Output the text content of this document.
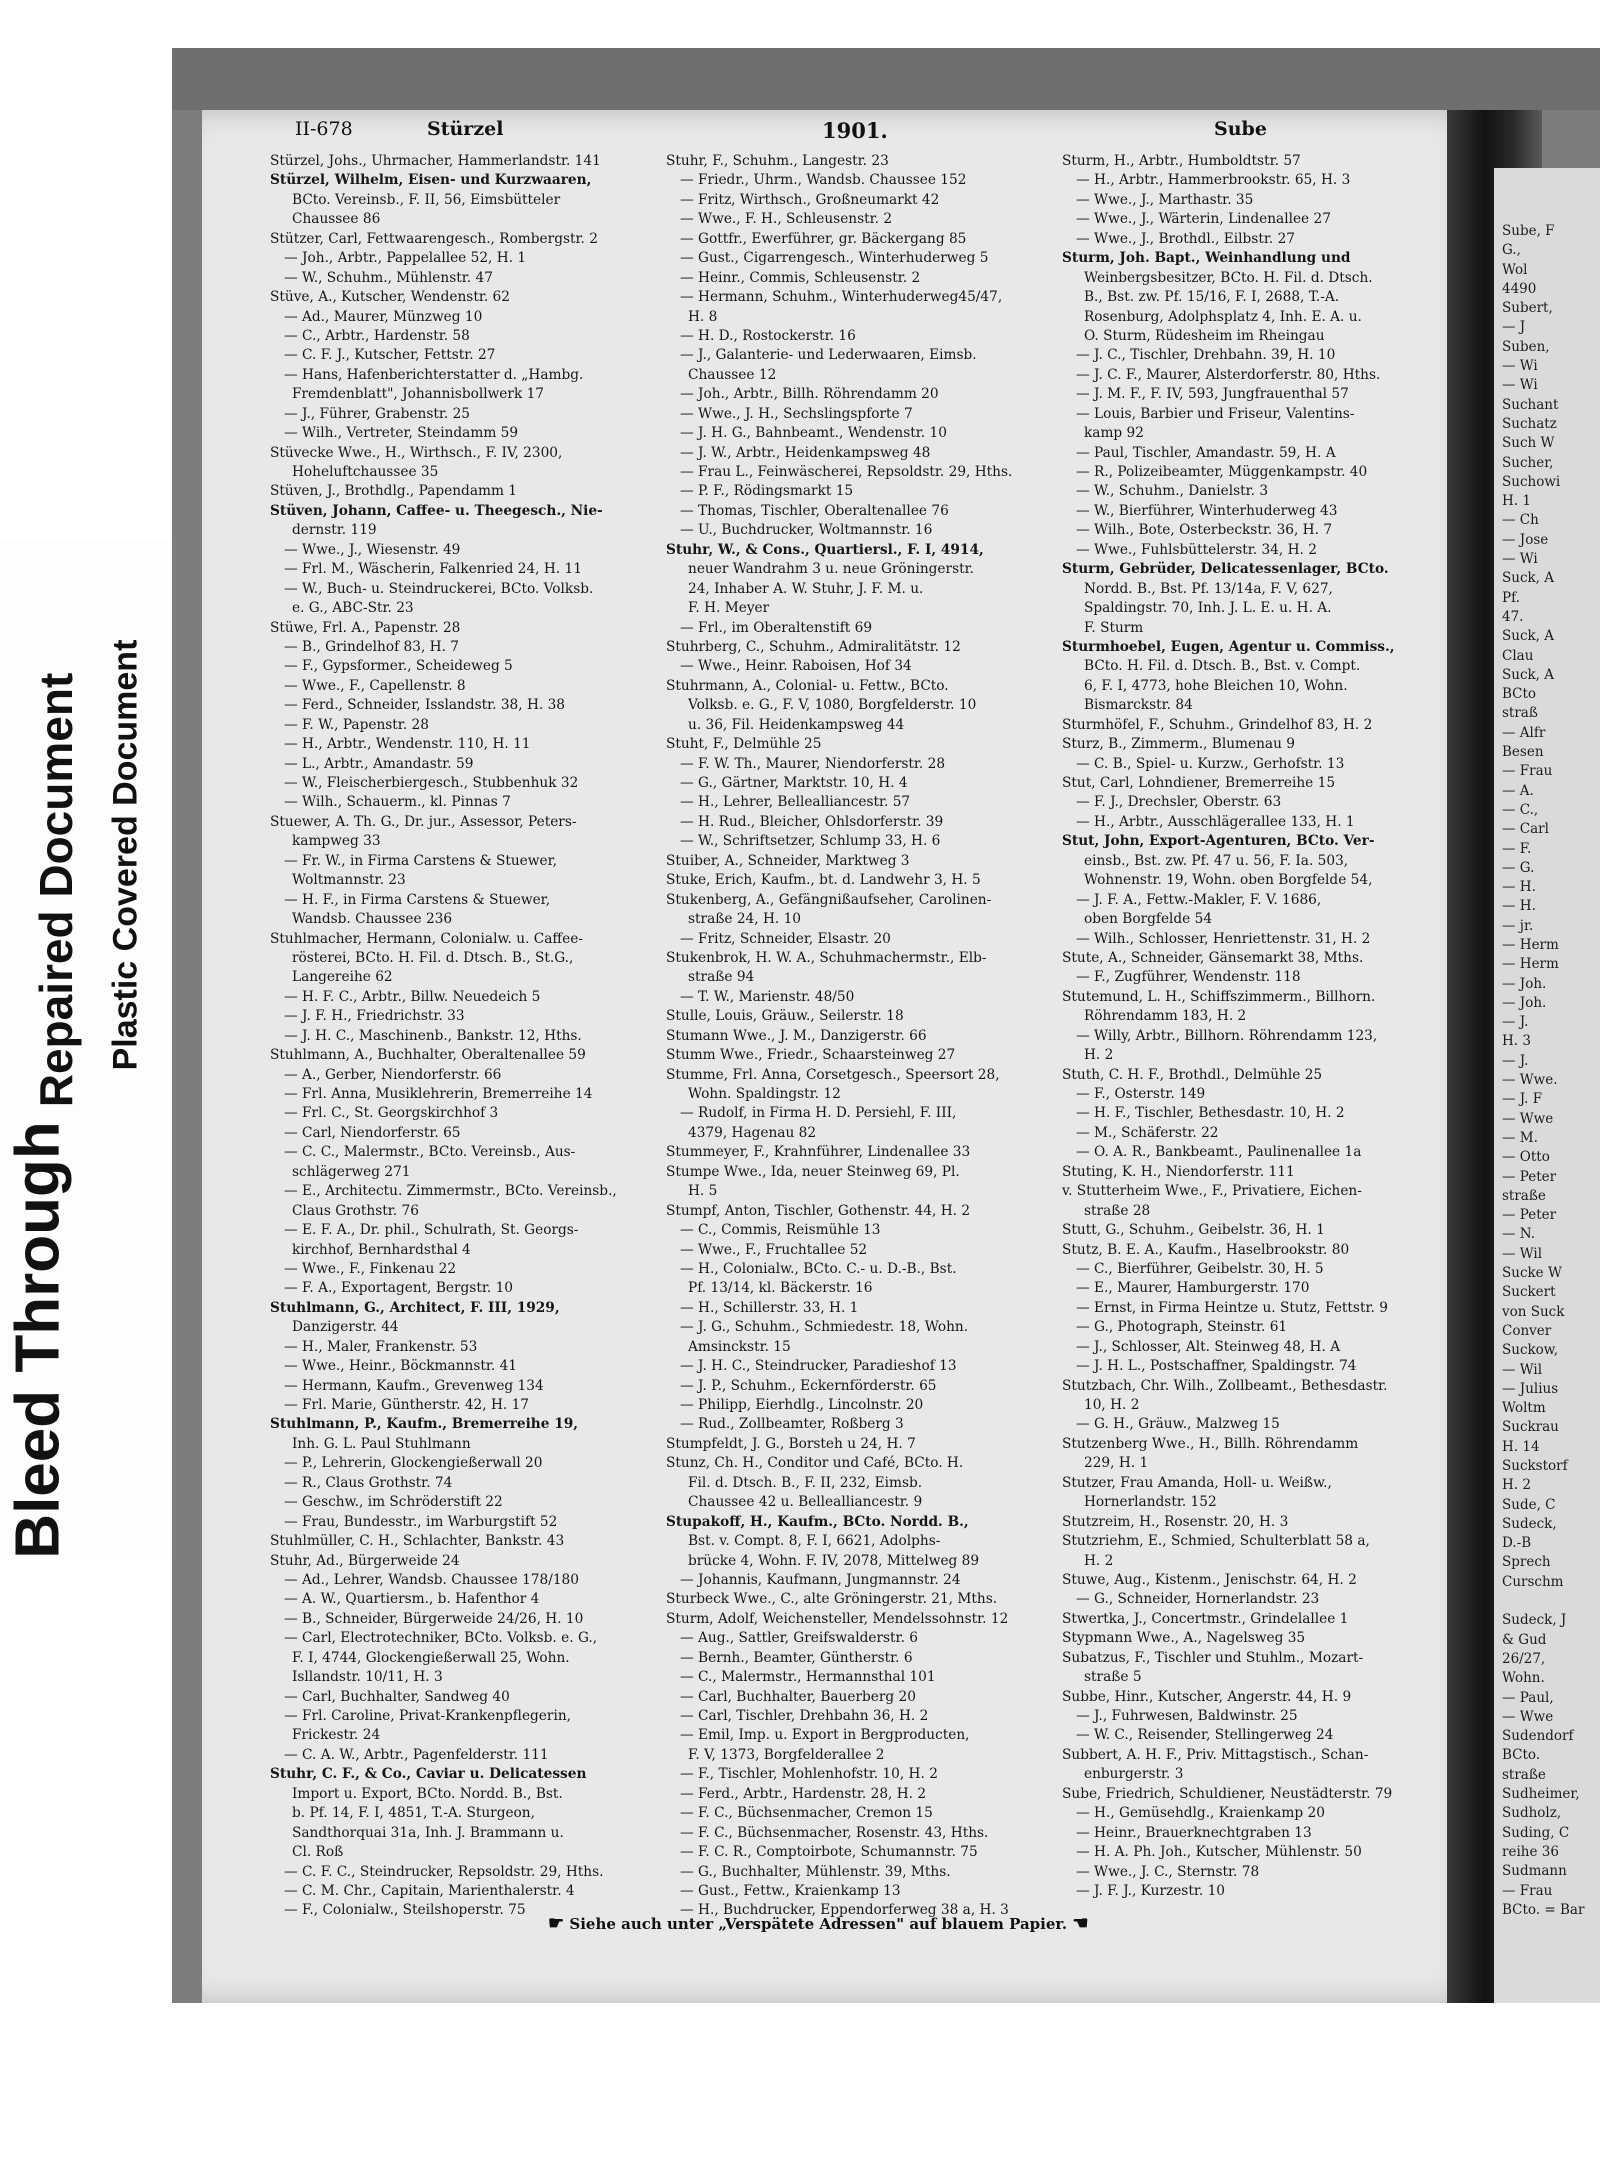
Bleed Through
Repaired Document Plastic Covered Document
Sube, F
G.,
Wol
4490
Subert,
— J
Suben,
— Wi
— Wi
Suchant
Suchatz
Such W
Sucher,
Suchowi
H. 1
— Ch
— Jose
— Wi
Suck, A
Pf.
47.
Suck, A
Clau
Suck, A
BCto
straß
— Alfr
Besen
— Frau
— A.
— C.,
— Carl
— F.
— G.
— H.
— H.
— jr.
— Herm
— Herm
— Joh.
— Joh.
— J.
H. 3
— J.
— Wwe.
— J. F
— Wwe
— M.
— Otto
— Peter
straße
— Peter
— N.
— Wil
Sucke W
Suckert
von Suck
Conver
Suckow,
— Wil
— Julius
Woltm
Suckrau
H. 14
Suckstorf
H. 2
Sude, C
Sudeck,
D.-B
Sprech
Curschm
Sudeck, J
& Gud
26/27,
Wohn.
— Paul,
— Wwe
Sudendorf
BCto.
straße
Sudheimer,
Sudholz,
Suding, C
reihe 36
Sudmann
— Frau
BCto. = Bar
II-678	Stürzel	1901.	Sube
Stürzel, Johs., Uhrmacher, Hammerlandstr. 141
Stürzel, Wilhelm, Eisen- und Kurzwaaren,
BCto. Vereinsb., F. II, 56, Eimsbütteler
Chaussee 86
Stützer, Carl, Fettwaarengesch., Rombergstr. 2
— Joh., Arbtr., Pappelallee 52, H. 1
— W., Schuhm., Mühlenstr. 47
Stüve, A., Kutscher, Wendenstr. 62
— Ad., Maurer, Münzweg 10
— C., Arbtr., Hardenstr. 58
— C. F. J., Kutscher, Fettstr. 27
— Hans, Hafenberichterstatter d. „Hambg.
Fremdenblatt", Johannisbollwerk 17
— J., Führer, Grabenstr. 25
— Wilh., Vertreter, Steindamm 59
Stüvecke Wwe., H., Wirthsch., F. IV, 2300,
Hoheluftchaussee 35
Stüven, J., Brothdlg., Papendamm 1
Stüven, Johann, Caffee- u. Theegesch., Nie-
dernstr. 119
— Wwe., J., Wiesenstr. 49
— Frl. M., Wäscherin, Falkenried 24, H. 11
— W., Buch- u. Steindruckerei, BCto. Volksb.
e. G., ABC-Str. 23
Stüwe, Frl. A., Papenstr. 28
— B., Grindelhof 83, H. 7
— F., Gypsformer., Scheideweg 5
— Wwe., F., Capellenstr. 8
— Ferd., Schneider, Isslandstr. 38, H. 38
— F. W., Papenstr. 28
— H., Arbtr., Wendenstr. 110, H. 11
— L., Arbtr., Amandastr. 59
— W., Fleischerbiergesch., Stubbenhuk 32
— Wilh., Schauerm., kl. Pinnas 7
Stuewer, A. Th. G., Dr. jur., Assessor, Peters-
kampweg 33
— Fr. W., in Firma Carstens & Stuewer,
Woltmannstr. 23
— H. F., in Firma Carstens & Stuewer,
Wandsb. Chaussee 236
Stuhlmacher, Hermann, Colonialw. u. Caffee-
rösterei, BCto. H. Fil. d. Dtsch. B., St.G.,
Langereihe 62
— H. F. C., Arbtr., Billw. Neuedeich 5
— J. F. H., Friedrichstr. 33
— J. H. C., Maschinenb., Bankstr. 12, Hths.
Stuhlmann, A., Buchhalter, Oberaltenallee 59
— A., Gerber, Niendorferstr. 66
— Frl. Anna, Musiklehrerin, Bremerreihe 14
— Frl. C., St. Georgskirchhof 3
— Carl, Niendorferstr. 65
— C. C., Malermstr., BCto. Vereinsb., Aus-
schlägerweg 271
— E., Architectu. Zimmermstr., BCto. Vereinsb.,
Claus Grothstr. 76
— E. F. A., Dr. phil., Schulrath, St. Georgs-
kirchhof, Bernhardsthal 4
— Wwe., F., Finkenau 22
— F. A., Exportagent, Bergstr. 10
Stuhlmann, G., Architect, F. III, 1929,
Danzigerstr. 44
— H., Maler, Frankenstr. 53
— Wwe., Heinr., Böckmannstr. 41
— Hermann, Kaufm., Grevenweg 134
— Frl. Marie, Güntherstr. 42, H. 17
Stuhlmann, P., Kaufm., Bremerreihe 19,
Inh. G. L. Paul Stuhlmann
— P., Lehrerin, Glockengießerwall 20
— R., Claus Grothstr. 74
— Geschw., im Schröderstift 22
— Frau, Bundesstr., im Warburgstift 52
Stuhlmüller, C. H., Schlachter, Bankstr. 43
Stuhr, Ad., Bürgerweide 24
— Ad., Lehrer, Wandsb. Chaussee 178/180
— A. W., Quartiersm., b. Hafenthor 4
— B., Schneider, Bürgerweide 24/26, H. 10
— Carl, Electrotechniker, BCto. Volksb. e. G.,
F. I, 4744, Glockengießerwall 25, Wohn.
Isllandstr. 10/11, H. 3
— Carl, Buchhalter, Sandweg 40
— Frl. Caroline, Privat-Krankenpflegerin,
Frickestr. 24
— C. A. W., Arbtr., Pagenfelderstr. 111
Stuhr, C. F., & Co., Caviar u. Delicatessen
Import u. Export, BCto. Nordd. B., Bst.
b. Pf. 14, F. I, 4851, T.-A. Sturgeon,
Sandthorquai 31a, Inh. J. Brammann u.
Cl. Roß
— C. F. C., Steindrucker, Repsoldstr. 29, Hths.
— C. M. Chr., Capitain, Marienthalerstr. 4
— F., Colonialw., Steilshoperstr. 75
Stuhr, F., Schuhm., Langestr. 23
— Friedr., Uhrm., Wandsb. Chaussee 152
— Fritz, Wirthsch., Großneumarkt 42
— Wwe., F. H., Schleusenstr. 2
— Gottfr., Ewerführer, gr. Bäckergang 85
— Gust., Cigarrengesch., Winterhuderweg 5
— Heinr., Commis, Schleusenstr. 2
— Hermann, Schuhm., Winterhuderweg45/47,
H. 8
— H. D., Rostockerstr. 16
— J., Galanterie- und Lederwaaren, Eimsb.
Chaussee 12
— Joh., Arbtr., Billh. Röhrendamm 20
— Wwe., J. H., Sechslingspforte 7
— J. H. G., Bahnbeamt., Wendenstr. 10
— J. W., Arbtr., Heidenkampsweg 48
— Frau L., Feinwäscherei, Repsoldstr. 29, Hths.
— P. F., Rödingsmarkt 15
— Thomas, Tischler, Oberaltenallee 76
— U., Buchdrucker, Woltmannstr. 16
Stuhr, W., & Cons., Quartiersl., F. I, 4914,
neuer Wandrahm 3 u. neue Gröningerstr.
24, Inhaber A. W. Stuhr, J. F. M. u.
F. H. Meyer
— Frl., im Oberaltenstift 69
Stuhrberg, C., Schuhm., Admiralitätstr. 12
— Wwe., Heinr. Raboisen, Hof 34
Stuhrmann, A., Colonial- u. Fettw., BCto.
Volksb. e. G., F. V, 1080, Borgfelderstr. 10
u. 36, Fil. Heidenkampsweg 44
Stuht, F., Delmühle 25
— F. W. Th., Maurer, Niendorferstr. 28
— G., Gärtner, Marktstr. 10, H. 4
— H., Lehrer, Bellealliancestr. 57
— H. Rud., Bleicher, Ohlsdorferstr. 39
— W., Schriftsetzer, Schlump 33, H. 6
Stuiber, A., Schneider, Marktweg 3
Stuke, Erich, Kaufm., bt. d. Landwehr 3, H. 5
Stukenberg, A., Gefängnißaufseher, Carolinen-
straße 24, H. 10
— Fritz, Schneider, Elsastr. 20
Stukenbrok, H. W. A., Schuhmachermstr., Elb-
straße 94
— T. W., Marienstr. 48/50
Stulle, Louis, Gräuw., Seilerstr. 18
Stumann Wwe., J. M., Danzigerstr. 66
Stumm Wwe., Friedr., Schaarsteinweg 27
Stumme, Frl. Anna, Corsetgesch., Speersort 28,
Wohn. Spaldingstr. 12
— Rudolf, in Firma H. D. Persiehl, F. III,
4379, Hagenau 82
Stummeyer, F., Krahnführer, Lindenallee 33
Stumpe Wwe., Ida, neuer Steinweg 69, Pl.
H. 5
Stumpf, Anton, Tischler, Gothenstr. 44, H. 2
— C., Commis, Reismühle 13
— Wwe., F., Fruchtallee 52
— H., Colonialw., BCto. C.- u. D.-B., Bst.
Pf. 13/14, kl. Bäckerstr. 16
— H., Schillerstr. 33, H. 1
— J. G., Schuhm., Schmiedestr. 18, Wohn.
Amsinckstr. 15
— J. H. C., Steindrucker, Paradieshof 13
— J. P., Schuhm., Eckernförderstr. 65
— Philipp, Eierhdlg., Lincolnstr. 20
— Rud., Zollbeamter, Roßberg 3
Stumpfeldt, J. G., Borsteh u 24, H. 7
Stunz, Ch. H., Conditor und Café, BCto. H.
Fil. d. Dtsch. B., F. II, 232, Eimsb.
Chaussee 42 u. Bellealliancestr. 9
Stupakoff, H., Kaufm., BCto. Nordd. B.,
Bst. v. Compt. 8, F. I, 6621, Adolphs-
brücke 4, Wohn. F. IV, 2078, Mittelweg 89
— Johannis, Kaufmann, Jungmannstr. 24
Sturbeck Wwe., C., alte Gröningerstr. 21, Mths.
Sturm, Adolf, Weichensteller, Mendelssohnstr. 12
— Aug., Sattler, Greifswalderstr. 6
— Bernh., Beamter, Güntherstr. 6
— C., Malermstr., Hermannsthal 101
— Carl, Buchhalter, Bauerberg 20
— Carl, Tischler, Drehbahn 36, H. 2
— Emil, Imp. u. Export in Bergproducten,
F. V, 1373, Borgfelderallee 2
— F., Tischler, Mohlenhofstr. 10, H. 2
— Ferd., Arbtr., Hardenstr. 28, H. 2
— F. C., Büchsenmacher, Cremon 15
— F. C., Büchsenmacher, Rosenstr. 43, Hths.
— F. C. R., Comptoirbote, Schumannstr. 75
— G., Buchhalter, Mühlenstr. 39, Mths.
— Gust., Fettw., Kraienkamp 13
— H., Buchdrucker, Eppendorferweg 38 a, H. 3
Sturm, H., Arbtr., Humboldtstr. 57
— H., Arbtr., Hammerbrookstr. 65, H. 3
— Wwe., J., Marthastr. 35
— Wwe., J., Wärterin, Lindenallee 27
— Wwe., J., Brothdl., Eilbstr. 27
Sturm, Joh. Bapt., Weinhandlung und
Weinbergsbesitzer, BCto. H. Fil. d. Dtsch.
B., Bst. zw. Pf. 15/16, F. I, 2688, T.-A.
Rosenburg, Adolphsplatz 4, Inh. E. A. u.
O. Sturm, Rüdesheim im Rheingau
— J. C., Tischler, Drehbahn. 39, H. 10
— J. C. F., Maurer, Alsterdorferstr. 80, Hths.
— J. M. F., F. IV, 593, Jungfrauenthal 57
— Louis, Barbier und Friseur, Valentins-
kamp 92
— Paul, Tischler, Amandastr. 59, H. A
— R., Polizeibeamter, Müggenkampstr. 40
— W., Schuhm., Danielstr. 3
— W., Bierführer, Winterhuderweg 43
— Wilh., Bote, Osterbeckstr. 36, H. 7
— Wwe., Fuhlsbüttelerstr. 34, H. 2
Sturm, Gebrüder, Delicatessenlager, BCto.
Nordd. B., Bst. Pf. 13/14a, F. V, 627,
Spaldingstr. 70, Inh. J. L. E. u. H. A.
F. Sturm
Sturmhoebel, Eugen, Agentur u. Commiss.,
BCto. H. Fil. d. Dtsch. B., Bst. v. Compt.
6, F. I, 4773, hohe Bleichen 10, Wohn.
Bismarckstr. 84
Sturmhöfel, F., Schuhm., Grindelhof 83, H. 2
Sturz, B., Zimmerm., Blumenau 9
— C. B., Spiel- u. Kurzw., Gerhofstr. 13
Stut, Carl, Lohndiener, Bremerreihe 15
— F. J., Drechsler, Oberstr. 63
— H., Arbtr., Ausschlägerallee 133, H. 1
Stut, John, Export-Agenturen, BCto. Ver-
einsb., Bst. zw. Pf. 47 u. 56, F. Ia. 503,
Wohnenstr. 19, Wohn. oben Borgfelde 54,
— J. F. A., Fettw.-Makler, F. V. 1686,
oben Borgfelde 54
— Wilh., Schlosser, Henriettenstr. 31, H. 2
Stute, A., Schneider, Gänsemarkt 38, Mths.
— F., Zugführer, Wendenstr. 118
Stutemund, L. H., Schiffszimmerm., Billhorn.
Röhrendamm 183, H. 2
— Willy, Arbtr., Billhorn. Röhrendamm 123,
H. 2
Stuth, C. H. F., Brothdl., Delmühle 25
— F., Osterstr. 149
— H. F., Tischler, Bethesdastr. 10, H. 2
— M., Schäferstr. 22
— O. A. R., Bankbeamt., Paulinenallee 1a
Stuting, K. H., Niendorferstr. 111
v. Stutterheim Wwe., F., Privatiere, Eichen-
straße 28
Stutt, G., Schuhm., Geibelstr. 36, H. 1
Stutz, B. E. A., Kaufm., Haselbrookstr. 80
— C., Bierführer, Geibelstr. 30, H. 5
— E., Maurer, Hamburgerstr. 170
— Ernst, in Firma Heintze u. Stutz, Fettstr. 9
— G., Photograph, Steinstr. 61
— J., Schlosser, Alt. Steinweg 48, H. A
— J. H. L., Postschaffner, Spaldingstr. 74
Stutzbach, Chr. Wilh., Zollbeamt., Bethesdastr.
10, H. 2
— G. H., Gräuw., Malzweg 15
Stutzenberg Wwe., H., Billh. Röhrendamm
229, H. 1
Stutzer, Frau Amanda, Holl- u. Weißw.,
Hornerlandstr. 152
Stutzreim, H., Rosenstr. 20, H. 3
Stutzriehm, E., Schmied, Schulterblatt 58 a,
H. 2
Stuwe, Aug., Kistenm., Jenischstr. 64, H. 2
— G., Schneider, Hornerlandstr. 23
Stwertka, J., Concertmstr., Grindelallee 1
Stypmann Wwe., A., Nagelsweg 35
Subatzus, F., Tischler und Stuhlm., Mozart-
straße 5
Subbe, Hinr., Kutscher, Angerstr. 44, H. 9
— J., Fuhrwesen, Baldwinstr. 25
— W. C., Reisender, Stellingerweg 24
Subbert, A. H. F., Priv. Mittagstisch., Schan-
enburgerstr. 3
Sube, Friedrich, Schuldiener, Neustädterstr. 79
— H., Gemüsehdlg., Kraienkamp 20
— Heinr., Brauerknechtgraben 13
— H. A. Ph. Joh., Kutscher, Mühlenstr. 50
— Wwe., J. C., Sternstr. 78
— J. F. J., Kurzestr. 10
☛ Siehe auch unter „Verspätete Adressen" auf blauem Papier. ☚
